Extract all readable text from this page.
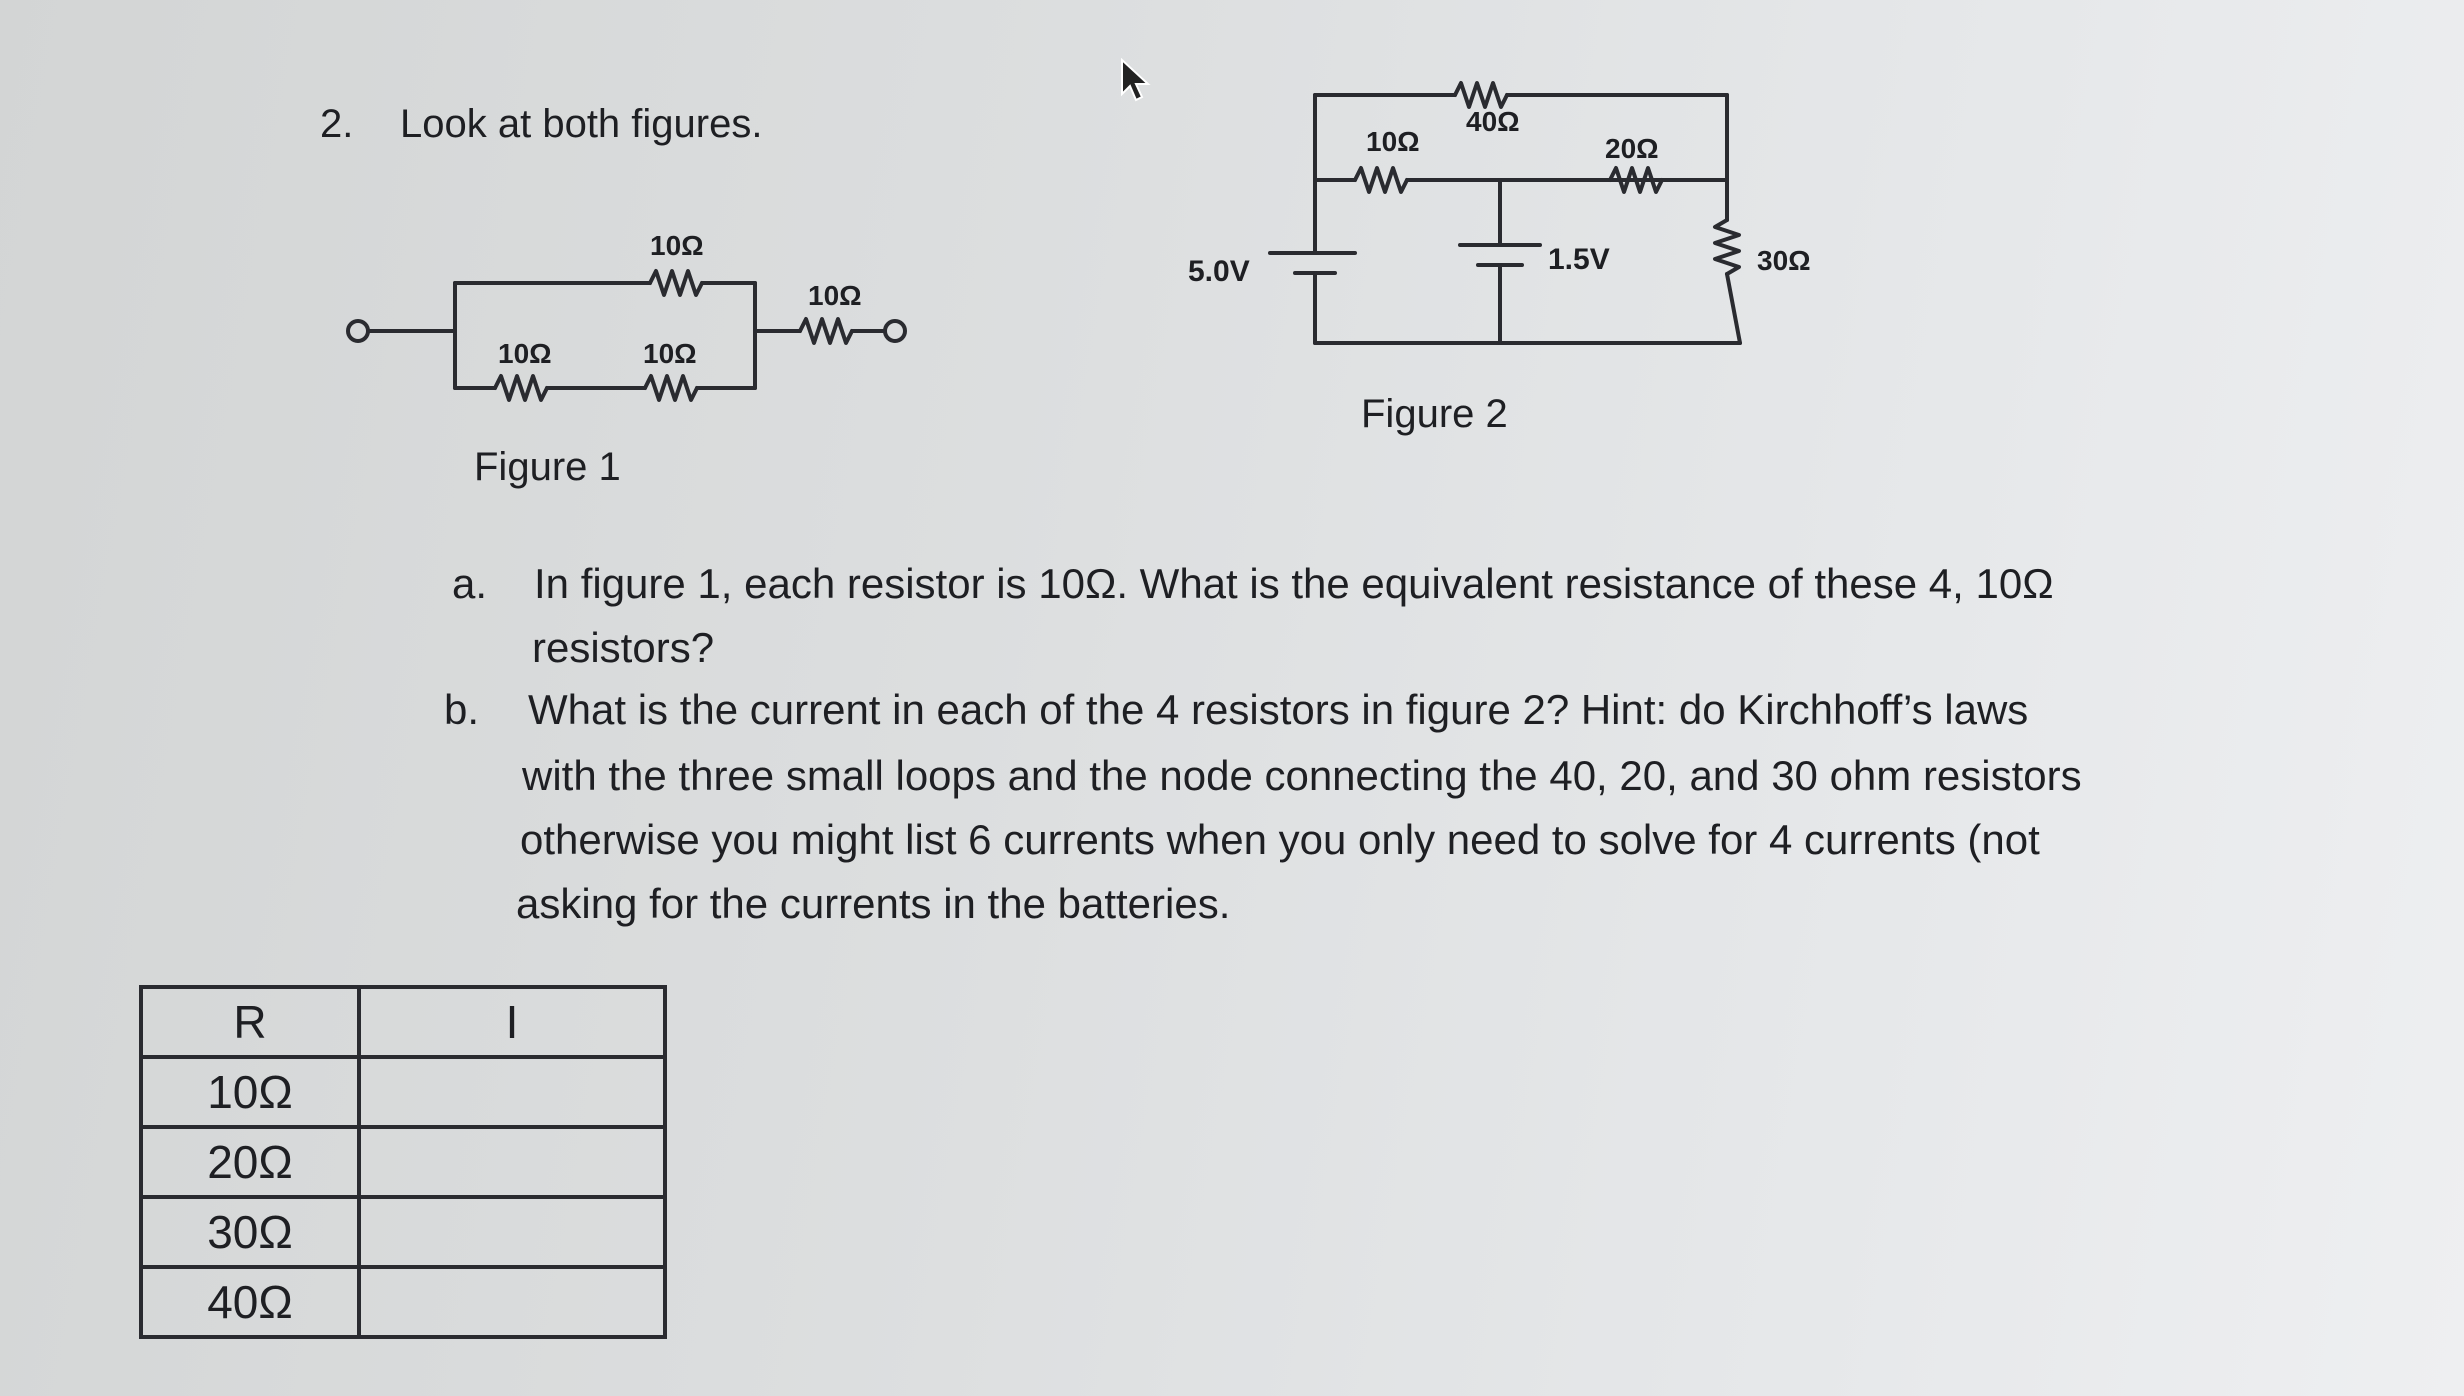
2. Look at both figures.
10Ω
10Ω	10Ω
10Ω
Figure 1
5.0V
10Ω
40Ω
20Ω
1.5V	30Ω
Figure 2
a. In figure 1, each resistor is 10Ω. What is the equivalent resistance of these 4, 10Ω
resistors?
b. What is the current in each of the 4 resistors in figure 2? Hint: do Kirchhoff’s laws
with the three small loops and the node connecting the 40, 20, and 30 ohm resistors
otherwise you might list 6 currents when you only need to solve for 4 currents (not
asking for the currents in the batteries.
R	I
10Ω	
20Ω	
30Ω	
40Ω	
